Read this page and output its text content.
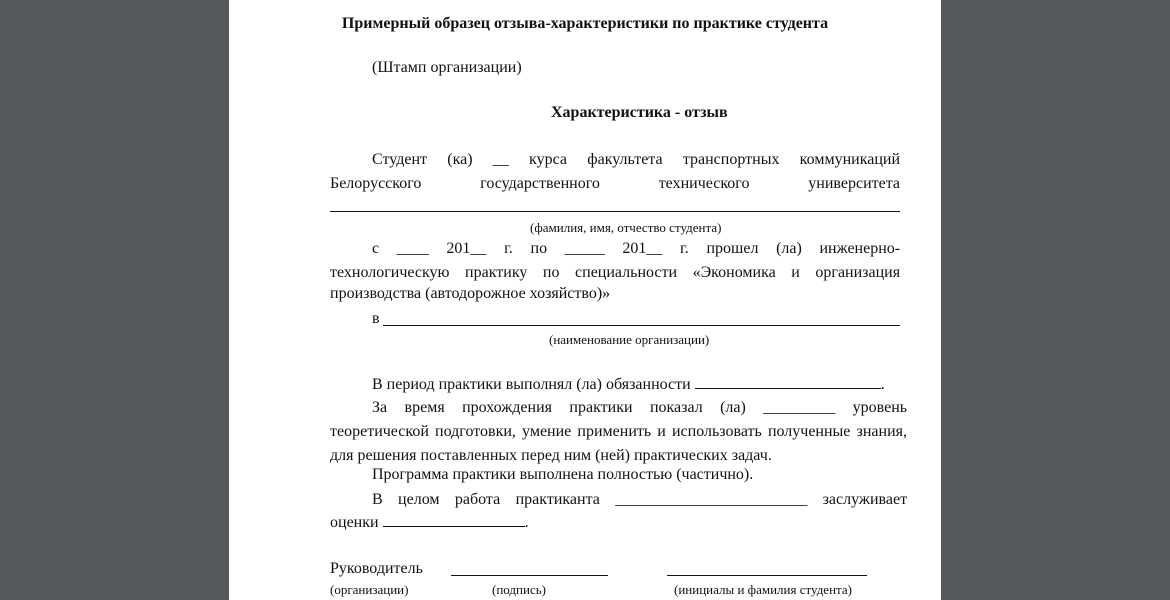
Примерный образец отзыва-характеристики по практике студента
(Штамп организации)
Характеристика - отзыв
Студент (ка) __ курса факультета транспортных коммуникаций
Белорусского	государственного	технического	университета
(фамилия, имя, отчество студента)
с ____ 201__ г. по _____ 201__ г. прошел (ла) инженерно-
технологическую практику по специальности «Экономика и организация
производства (автодорожное хозяйство)»
в
(наименование организации)
В период практики выполнял (ла) обязанности	.
За время прохождения практики показал (ла) _________ уровень
теоретической подготовки, умение применить и использовать полученные знания, для решения поставленных перед ним (ней) практических задач.
Программа практики выполнена полностью (частично).
В целом работа практиканта ________________________ заслуживает
оценки	.
Руководитель
(организации)	(подпись)	(инициалы и фамилия студента)
